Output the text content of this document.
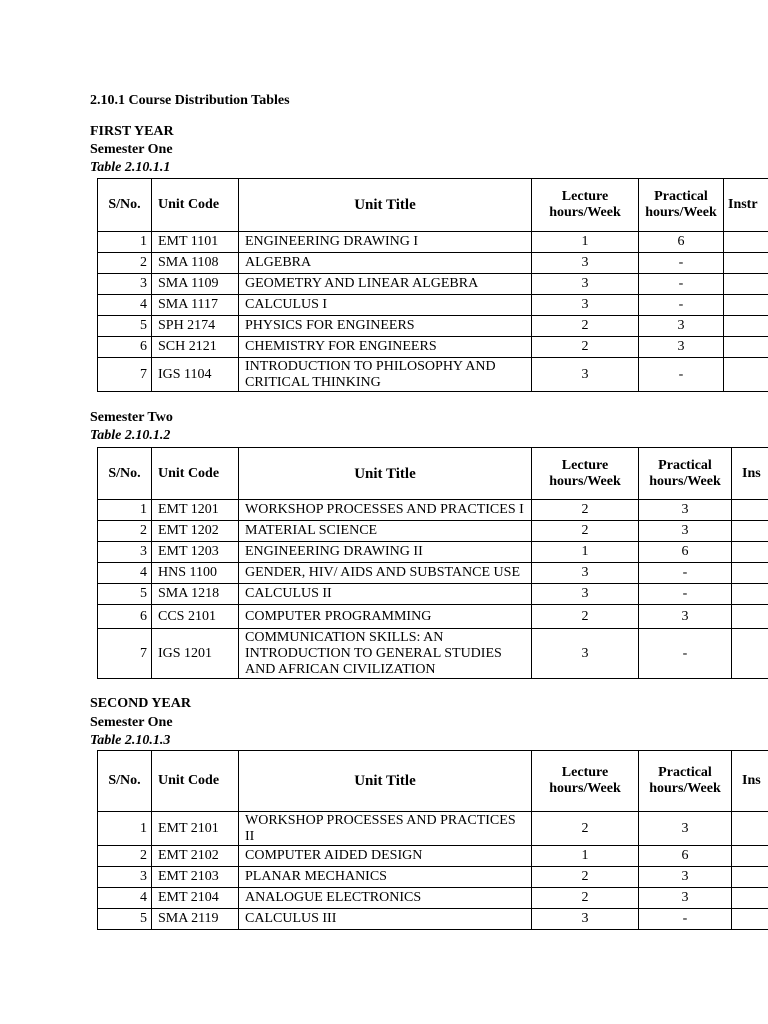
2.10.1 Course Distribution Tables
FIRST YEAR
Semester One
Table 2.10.1.1
S/No.	Unit Code	Unit Title	Lecture hours/Week	Practical hours/Week	Instr
1	EMT 1101	ENGINEERING DRAWING I	1	6	
2	SMA 1108	ALGEBRA	3	-	
3	SMA 1109	GEOMETRY AND LINEAR ALGEBRA	3	-	
4	SMA 1117	CALCULUS I	3	-	
5	SPH 2174	PHYSICS FOR ENGINEERS	2	3	
6	SCH 2121	CHEMISTRY FOR ENGINEERS	2	3	
7	IGS 1104	INTRODUCTION TO PHILOSOPHY AND CRITICAL THINKING	3	-	
Semester Two
Table 2.10.1.2
S/No.	Unit Code	Unit Title	Lecture hours/Week	Practical hours/Week	Ins
1	EMT 1201	WORKSHOP PROCESSES AND PRACTICES I	2	3	
2	EMT 1202	MATERIAL SCIENCE	2	3	
3	EMT 1203	ENGINEERING DRAWING II	1	6	
4	HNS 1100	GENDER, HIV/ AIDS AND SUBSTANCE USE	3	-	
5	SMA 1218	CALCULUS II	3	-	
6	CCS 2101	COMPUTER PROGRAMMING	2	3	
7	IGS 1201	COMMUNICATION SKILLS: AN INTRODUCTION TO GENERAL STUDIES AND AFRICAN CIVILIZATION	3	-	
SECOND YEAR
Semester One
Table 2.10.1.3
S/No.	Unit Code	Unit Title	Lecture hours/Week	Practical hours/Week	Ins
1	EMT 2101	WORKSHOP PROCESSES AND PRACTICES II	2	3	
2	EMT 2102	COMPUTER AIDED DESIGN	1	6	
3	EMT 2103	PLANAR MECHANICS	2	3	
4	EMT 2104	ANALOGUE ELECTRONICS	2	3	
5	SMA 2119	CALCULUS III	3	-	
